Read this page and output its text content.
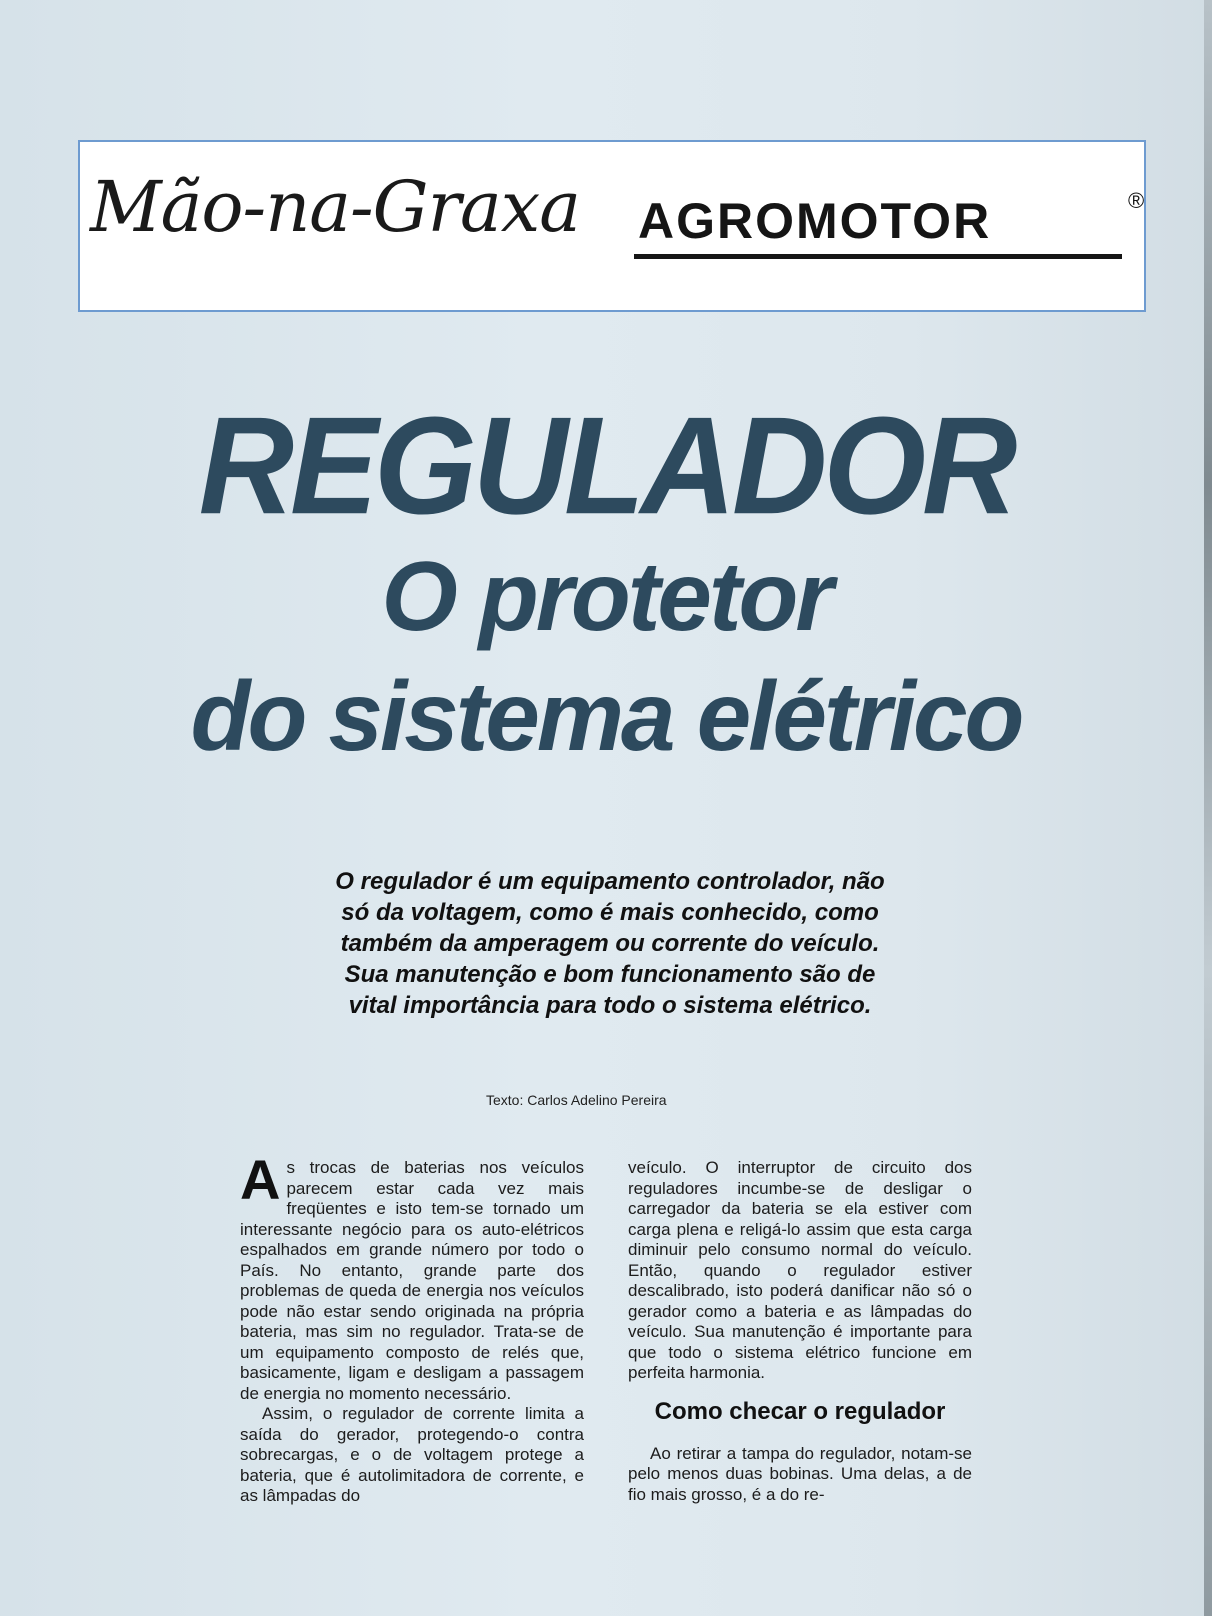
Mão-na-Graxa AGROMOTOR	®
REGULADOR
O protetor
do sistema elétrico
O regulador é um equipamento controlador, não só da voltagem, como é mais conhecido, como também da amperagem ou corrente do veículo. Sua manutenção e bom funcionamento são de vital importância para todo o sistema elétrico.
Texto: Carlos Adelino Pereira

As trocas de baterias nos veículos parecem estar cada vez mais freqüentes e isto tem-se tornado um interessante negócio para os auto-elétricos espalhados em grande número por todo o País. No entanto, grande parte dos problemas de queda de energia nos veículos pode não estar sendo originada na própria bateria, mas sim no regulador. Trata-se de um equipamento composto de relés que, basicamente, ligam e desligam a passagem de energia no momento necessário.

Assim, o regulador de corrente limita a saída do gerador, protegendo-o contra sobrecargas, e o de voltagem protege a bateria, que é autolimitadora de corrente, e as lâmpadas do

veículo. O interruptor de circuito dos reguladores incumbe-se de desligar o carregador da bateria se ela estiver com carga plena e religá-lo assim que esta carga diminuir pelo consumo normal do veículo. Então, quando o regulador estiver descalibrado, isto poderá danificar não só o gerador como a bateria e as lâmpadas do veículo. Sua manutenção é importante para que todo o sistema elétrico funcione em perfeita harmonia.

Como checar o regulador

Ao retirar a tampa do regulador, notam-se pelo menos duas bobinas. Uma delas, a de fio mais grosso, é a do re-
